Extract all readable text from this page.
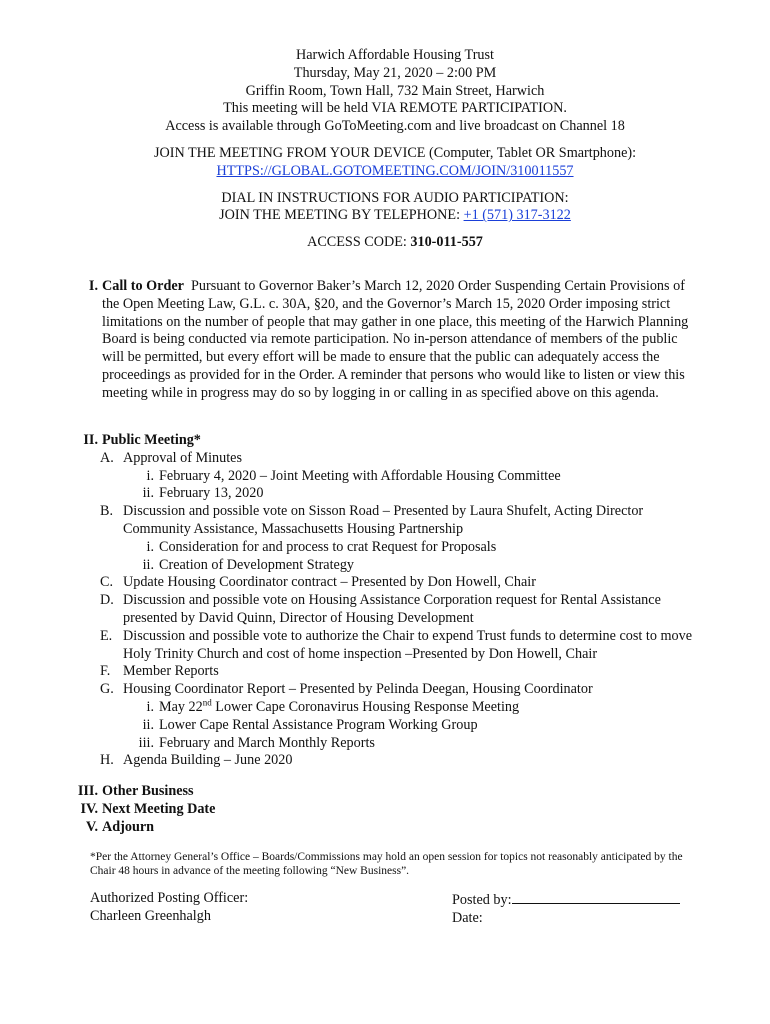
Harwich Affordable Housing Trust
Thursday, May 21, 2020 – 2:00 PM
Griffin Room, Town Hall, 732 Main Street, Harwich
This meeting will be held VIA REMOTE PARTICIPATION.
Access is available through GoToMeeting.com and live broadcast on Channel 18
JOIN THE MEETING FROM YOUR DEVICE (Computer, Tablet OR Smartphone):
HTTPS://GLOBAL.GOTOMEETING.COM/JOIN/310011557
DIAL IN INSTRUCTIONS FOR AUDIO PARTICIPATION:
JOIN THE MEETING BY TELEPHONE: +1 (571) 317-3122
ACCESS CODE: 310-011-557
I. Call to Order Pursuant to Governor Baker’s March 12, 2020 Order Suspending Certain Provisions of the Open Meeting Law, G.L. c. 30A, §20, and the Governor’s March 15, 2020 Order imposing strict limitations on the number of people that may gather in one place, this meeting of the Harwich Planning Board is being conducted via remote participation. No in-person attendance of members of the public will be permitted, but every effort will be made to ensure that the public can adequately access the proceedings as provided for in the Order. A reminder that persons who would like to listen or view this meeting while in progress may do so by logging in or calling in as specified above on this agenda.
II. Public Meeting*
A. Approval of Minutes
i. February 4, 2020 – Joint Meeting with Affordable Housing Committee
ii. February 13, 2020
B. Discussion and possible vote on Sisson Road – Presented by Laura Shufelt, Acting Director Community Assistance, Massachusetts Housing Partnership
i. Consideration for and process to crat Request for Proposals
ii. Creation of Development Strategy
C. Update Housing Coordinator contract – Presented by Don Howell, Chair
D. Discussion and possible vote on Housing Assistance Corporation request for Rental Assistance presented by David Quinn, Director of Housing Development
E. Discussion and possible vote to authorize the Chair to expend Trust funds to determine cost to move Holy Trinity Church and cost of home inspection –Presented by Don Howell, Chair
F. Member Reports
G. Housing Coordinator Report – Presented by Pelinda Deegan, Housing Coordinator
i. May 22nd Lower Cape Coronavirus Housing Response Meeting
ii. Lower Cape Rental Assistance Program Working Group
iii. February and March Monthly Reports
H. Agenda Building – June 2020
III. Other Business
IV. Next Meeting Date
V. Adjourn
*Per the Attorney General’s Office – Boards/Commissions may hold an open session for topics not reasonably anticipated by the Chair 48 hours in advance of the meeting following “New Business”.
Authorized Posting Officer:
Charleen Greenhalgh
Posted by:
Date:
